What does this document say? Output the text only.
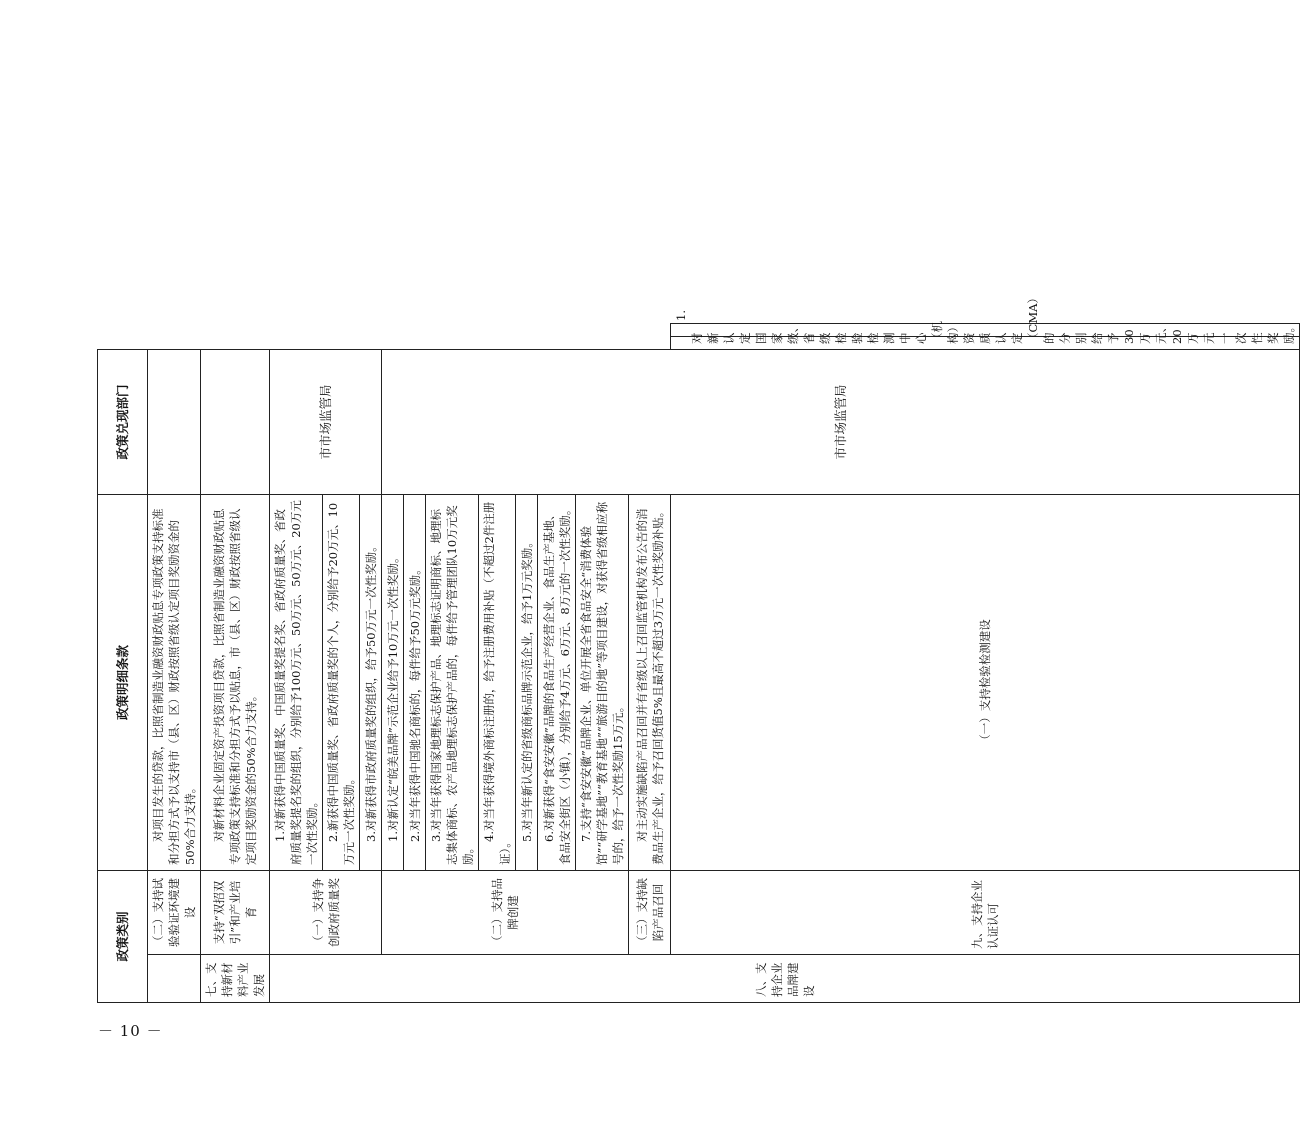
－ 10 －
政策类别		政策明细条款	政策兑现部门		
	（二）支持试验验证环境建设	对项目发生的贷款，比照省制造业融资财政贴息专项政策支持标准和分担方式予以支持市（县、区）财政按照省级认定项目奖励资金的50%合力支持。			
七、支持新材料产业发展	支持“双招双引”和产业培育	对新材料企业固定资产投资项目贷款，比照省制造业融资财政贴息专项政策支持标准和分担方式予以贴息，市（县、区）财政按照省级认定项目奖励资金的50%合力支持。			
八、支持企业品牌建设	（一）支持争创政府质量奖	1.对新获得中国质量奖、中国质量奖提名奖、省政府质量奖、省政府质量奖提名奖的组织，分别给予100万元、50万元、50万元、20万元一次性奖励。	市市场监管局		
		2.新获得中国质量奖、省政府质量奖的个人，分别给予20万元、10万元一次性奖励。			
		3.对新获得市政府质量奖的组织，给予50万元一次性奖励。			
	（二）支持品牌创建	1.对新认定“皖美品牌”示范企业给予10万元一次性奖励。	市市场监管局		
		2.对当年获得中国驰名商标的，每件给予50万元奖励。			
		3.对当年获得国家地理标志保护产品、地理标志证明商标、地理标志集体商标、农产品地理标志保护产品的，每件给予管理团队10万元奖励。			
		4.对当年获得境外商标注册的，给予注册费用补贴（不超过2件注册证）。			
		5.对当年新认定的省级商标品牌示范企业，给予1万元奖励。			
		6.对新获得“食安安徽”品牌的食品生产经营企业、食品生产基地、食品安全街区（小镇），分别给予4万元、6万元、8万元的一次性奖励。			
		7.支持“食安安徽”品牌企业、单位开展全省食品安全“消费体验馆”“研学基地”“教育基地”“旅游目的地”等项目建设，对获得省级相应称号的，给予一次性奖励15万元。			
	（三）支持缺陷产品召回	对主动实施缺陷产品召回并有省级以上召回监管机构发布公告的消费品生产企业，给予召回货值5%且最高不超过3万元一次性奖励补贴。			
	九、支持企业认证认可	（一）支持检验检测建设		1.对新认定国家级、省级检验检测中心（机构）资质认定（CMA）的分别给予30万元、20万元一次性奖励。	
